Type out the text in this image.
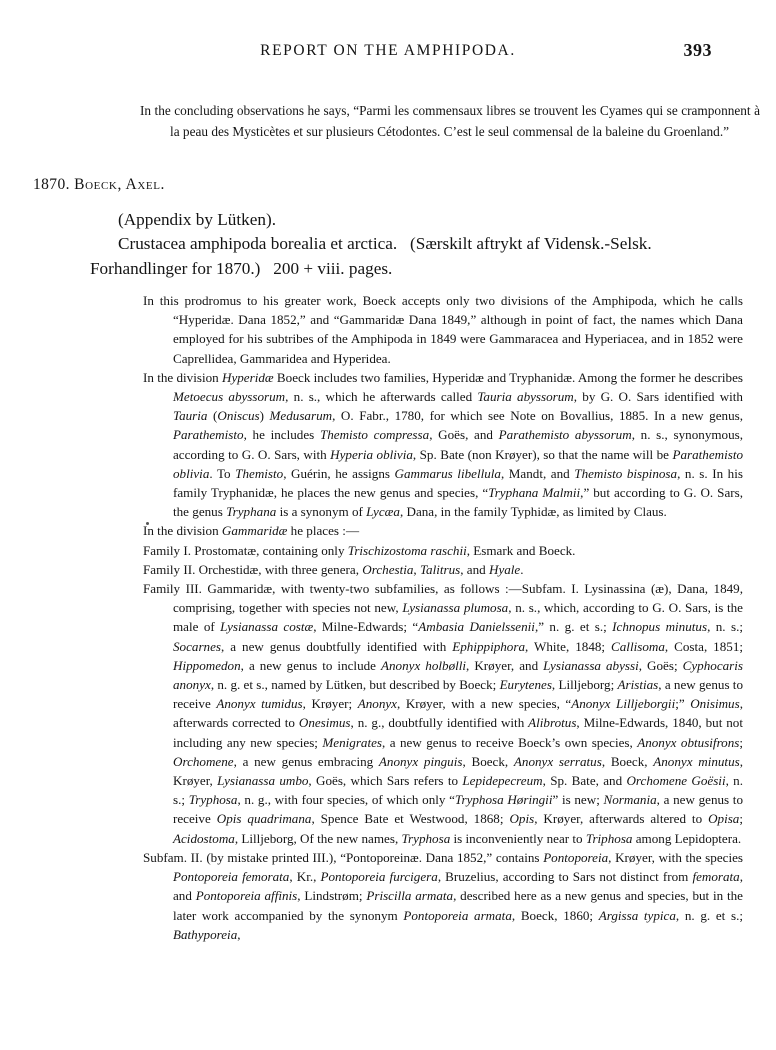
REPORT ON THE AMPHIPODA.	393

In the concluding observations he says, “Parmi les commensaux libres se trouvent les Cyames qui se cramponnent à la peau des Mysticètes et sur plusieurs Cétodontes. C’est le seul commensal de la baleine du Groenland.”

1870. Boeck, Axel.
(Appendix by Lütken).
Crustacea amphipoda borealia et arctica.   (Særskilt aftrykt af Vidensk.-Selsk.
Forhandlinger for 1870.)   200 + viii. pages.

In this prodromus to his greater work, Boeck accepts only two divisions of the Amphipoda, which he calls “Hyperidæ. Dana 1852,” and “Gammaridæ Dana 1849,” although in point of fact, the names which Dana employed for his subtribes of the Amphipoda in 1849 were Gammaracea and Hyperiacea, and in 1852 were Caprellidea, Gammaridea and Hyperidea.

In the division Hyperidæ Boeck includes two families, Hyperidæ and Tryphanidæ. Among the former he describes Metoecus abyssorum, n. s., which he afterwards called Tauria abyssorum, by G. O. Sars identified with Tauria (Oniscus) Medusarum, O. Fabr., 1780, for which see Note on Bovallius, 1885. In a new genus, Parathemisto, he includes Themisto compressa, Goës, and Parathemisto abyssorum, n. s., synonymous, according to G. O. Sars, with Hyperia oblivia, Sp. Bate (non Krøyer), so that the name will be Parathemisto oblivia. To Themisto, Guérin, he assigns Gammarus libellula, Mandt, and Themisto bispinosa, n. s. In his family Tryphanidæ, he places the new genus and species, “Tryphana Malmii,” but according to G. O. Sars, the genus Tryphana is a synonym of Lycæa, Dana, in the family Typhidæ, as limited by Claus.

In the division Gammaridæ he places :—

Family I. Prostomatæ, containing only Trischizostoma raschii, Esmark and Boeck.

Family II. Orchestidæ, with three genera, Orchestia, Talitrus, and Hyale.

Family III. Gammaridæ, with twenty-two subfamilies, as follows :—Subfam. I. Lysinassina (æ), Dana, 1849, comprising, together with species not new, Lysianassa plumosa, n. s., which, according to G. O. Sars, is the male of Lysianassa costæ, Milne-Edwards; “Ambasia Danielssenii,” n. g. et s.; Ichnopus minutus, n. s.; Socarnes, a new genus doubtfully identified with Ephippiphora, White, 1848; Callisoma, Costa, 1851; Hippomedon, a new genus to include Anonyx holbølli, Krøyer, and Lysianassa abyssi, Goës; Cyphocaris anonyx, n. g. et s., named by Lütken, but described by Boeck; Eurytenes, Lilljeborg; Aristias, a new genus to receive Anonyx tumidus, Krøyer; Anonyx, Krøyer, with a new species, “Anonyx Lilljeborgii;” Onisimus, afterwards corrected to Onesimus, n. g., doubtfully identified with Alibrotus, Milne-Edwards, 1840, but not including any new species; Menigrates, a new genus to receive Boeck’s own species, Anonyx obtusifrons; Orchomene, a new genus embracing Anonyx pinguis, Boeck, Anonyx serratus, Boeck, Anonyx minutus, Krøyer, Lysianassa umbo, Goës, which Sars refers to Lepidepecreum, Sp. Bate, and Orchomene Goësii, n. s.; Tryphosa, n. g., with four species, of which only “Tryphosa Høringii” is new; Normania, a new genus to receive Opis quadrimana, Spence Bate et Westwood, 1868; Opis, Krøyer, afterwards altered to Opisa; Acidostoma, Lilljeborg, Of the new names, Tryphosa is inconveniently near to Triphosa among Lepidoptera.

Subfam. II. (by mistake printed III.), “Pontoporeinæ. Dana 1852,” contains Pontoporeia, Krøyer, with the species Pontoporeia femorata, Kr., Pontoporeia furcigera, Bruzelius, according to Sars not distinct from femorata, and Pontoporeia affinis, Lindstrøm; Priscilla armata, described here as a new genus and species, but in the later work accompanied by the synonym Pontoporeia armata, Boeck, 1860; Argissa typica, n. g. et s.; Bathyporeia,
